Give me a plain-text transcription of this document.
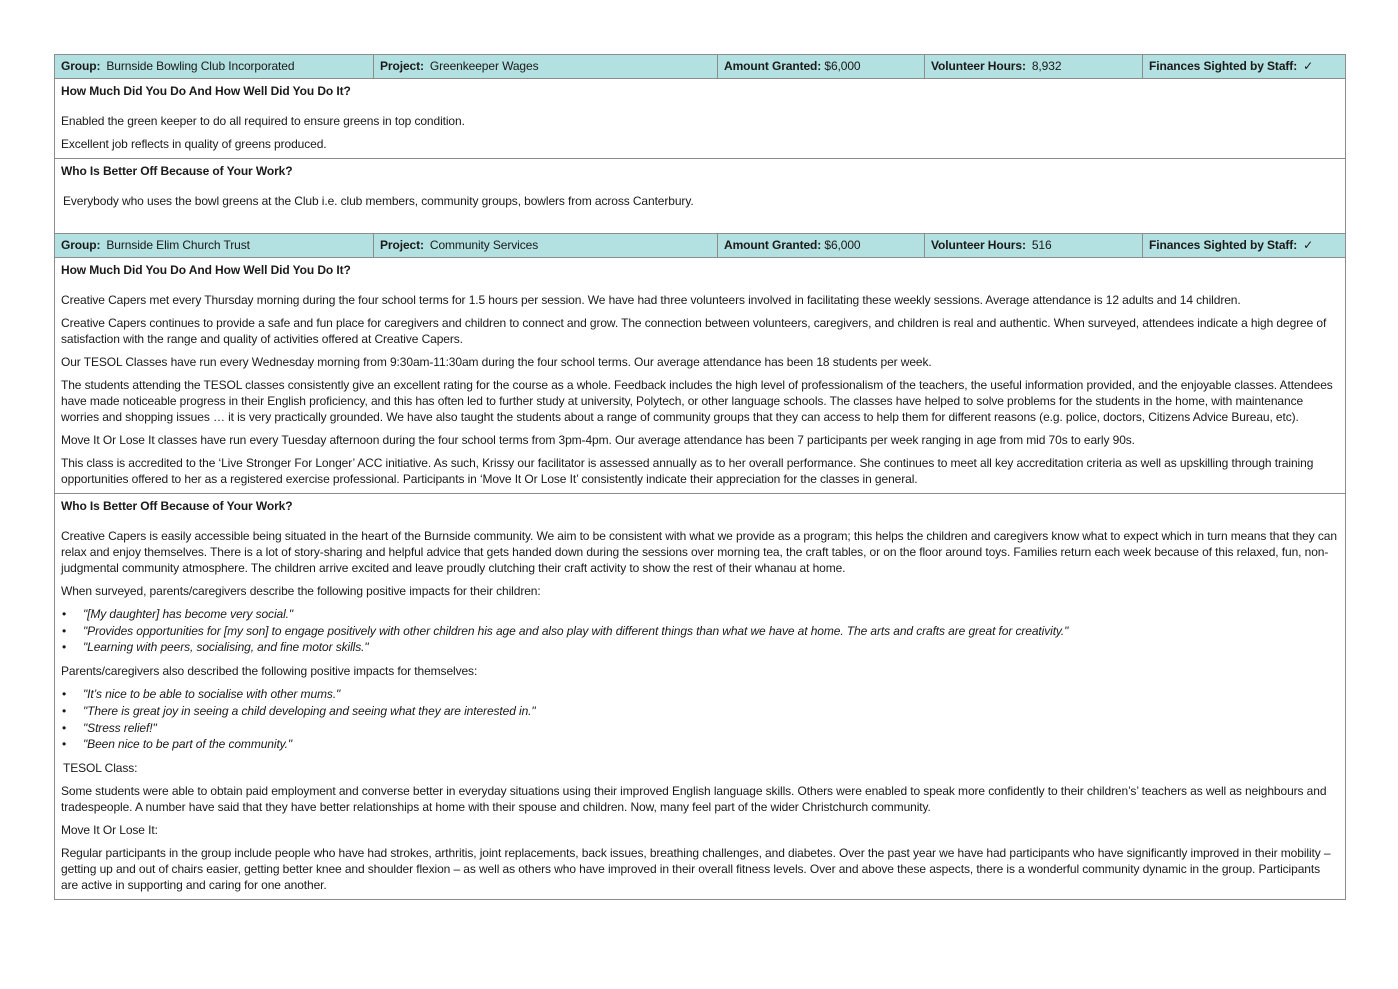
Group: Burnside Bowling Club Incorporated	Project: Greenkeeper Wages	Amount Granted: $6,000	Volunteer Hours: 8,932	Finances Sighted by Staff: ✓
How Much Did You Do And How Well Did You Do It?

Enabled the green keeper to do all required to ensure greens in top condition.

Excellent job reflects in quality of greens produced.

Who Is Better Off Because of Your Work?

Everybody who uses the bowl greens at the Club i.e. club members, community groups, bowlers from across Canterbury.

Group: Burnside Elim Church Trust	Project: Community Services	Amount Granted: $6,000	Volunteer Hours: 516	Finances Sighted by Staff: ✓
How Much Did You Do And How Well Did You Do It?

Creative Capers met every Thursday morning during the four school terms for 1.5 hours per session. We have had three volunteers involved in facilitating these weekly sessions. Average attendance is 12 adults and 14 children.

Creative Capers continues to provide a safe and fun place for caregivers and children to connect and grow. The connection between volunteers, caregivers, and children is real and authentic. When surveyed, attendees indicate a high degree of satisfaction with the range and quality of activities offered at Creative Capers.

Our TESOL Classes have run every Wednesday morning from 9:30am-11:30am during the four school terms. Our average attendance has been 18 students per week.

The students attending the TESOL classes consistently give an excellent rating for the course as a whole. Feedback includes the high level of professionalism of the teachers, the useful information provided, and the enjoyable classes. Attendees have made noticeable progress in their English proficiency, and this has often led to further study at university, Polytech, or other language schools. The classes have helped to solve problems for the students in the home, with maintenance worries and shopping issues … it is very practically grounded. We have also taught the students about a range of community groups that they can access to help them for different reasons (e.g. police, doctors, Citizens Advice Bureau, etc).

Move It Or Lose It classes have run every Tuesday afternoon during the four school terms from 3pm-4pm. Our average attendance has been 7 participants per week ranging in age from mid 70s to early 90s.

This class is accredited to the ‘Live Stronger For Longer’ ACC initiative. As such, Krissy our facilitator is assessed annually as to her overall performance. She continues to meet all key accreditation criteria as well as upskilling through training opportunities offered to her as a registered exercise professional. Participants in ‘Move It Or Lose It’ consistently indicate their appreciation for the classes in general.

Who Is Better Off Because of Your Work?

Creative Capers is easily accessible being situated in the heart of the Burnside community. We aim to be consistent with what we provide as a program; this helps the children and caregivers know what to expect which in turn means that they can relax and enjoy themselves. There is a lot of story-sharing and helpful advice that gets handed down during the sessions over morning tea, the craft tables, or on the floor around toys. Families return each week because of this relaxed, fun, non-judgmental community atmosphere. The children arrive excited and leave proudly clutching their craft activity to show the rest of their whanau at home.

When surveyed, parents/caregivers describe the following positive impacts for their children:

• "[My daughter] has become very social."
• "Provides opportunities for [my son] to engage positively with other children his age and also play with different things than what we have at home. The arts and crafts are great for creativity."
• "Learning with peers, socialising, and fine motor skills."

Parents/caregivers also described the following positive impacts for themselves:

• "It’s nice to be able to socialise with other mums."
• "There is great joy in seeing a child developing and seeing what they are interested in."
• "Stress relief!"
• "Been nice to be part of the community."

TESOL Class:

Some students were able to obtain paid employment and converse better in everyday situations using their improved English language skills. Others were enabled to speak more confidently to their children’s’ teachers as well as neighbours and tradespeople. A number have said that they have better relationships at home with their spouse and children. Now, many feel part of the wider Christchurch community.

Move It Or Lose It:

Regular participants in the group include people who have had strokes, arthritis, joint replacements, back issues, breathing challenges, and diabetes. Over the past year we have had participants who have significantly improved in their mobility – getting up and out of chairs easier, getting better knee and shoulder flexion – as well as others who have improved in their overall fitness levels. Over and above these aspects, there is a wonderful community dynamic in the group. Participants are active in supporting and caring for one another.
